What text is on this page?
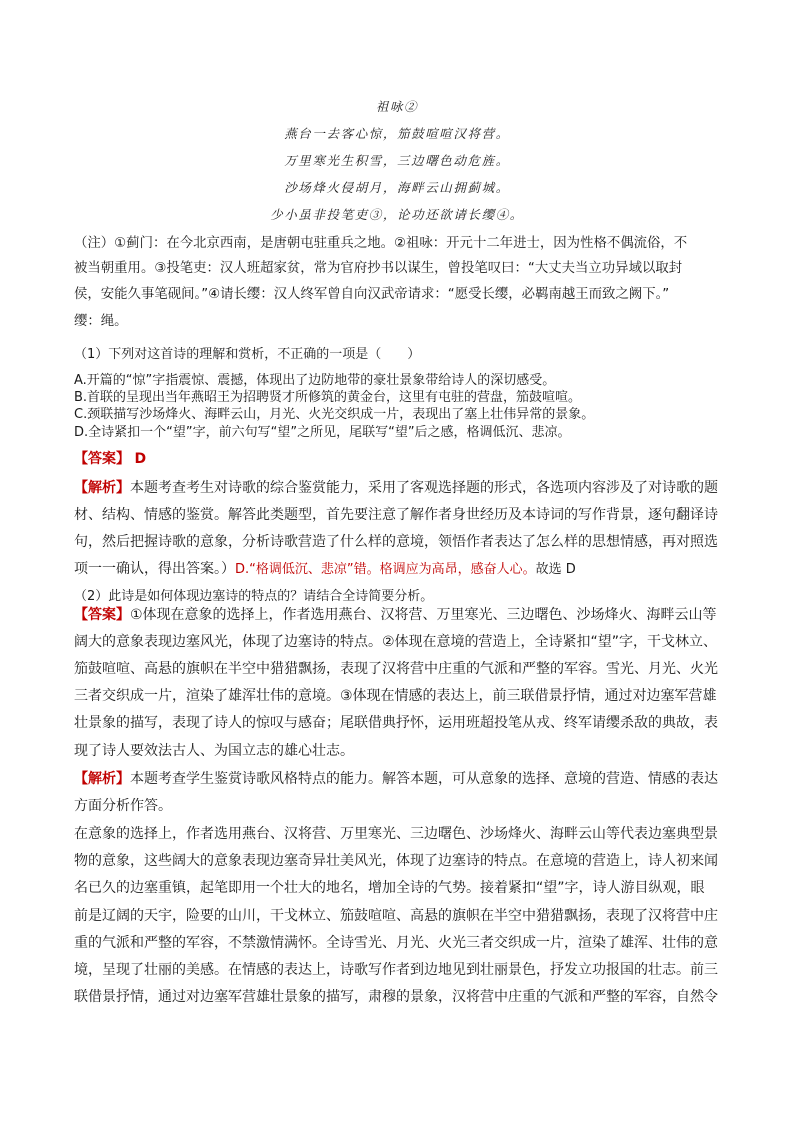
祖咏②
燕台一去客心惊，笳鼓喧喧汉将营。
万里寒光生积雪，三边曙色动危旌。
沙场烽火侵胡月，海畔云山拥蓟城。
少小虽非投笔吏③，论功还欲请长缨④。
（注）①蓟门：在今北京西南，是唐朝屯驻重兵之地。②祖咏：开元十二年进士，因为性格不偶流俗，不
被当朝重用。③投笔吏：汉人班超家贫，常为官府抄书以谋生，曾投笔叹曰：“大丈夫当立功异域以取封
侯，安能久事笔砚间。”④请长缨：汉人终军曾自向汉武帝请求：“愿受长缨，必羁南越王而致之阙下。”
缨：绳。
（1）下列对这首诗的理解和赏析，不正确的一项是（　　）
A.开篇的“惊”字指震惊、震撼，体现出了边防地带的豪壮景象带给诗人的深切感受。
B.首联的呈现出当年燕昭王为招聘贤才所修筑的黄金台，这里有屯驻的营盘，笳鼓喧喧。
C.颈联描写沙场烽火、海畔云山，月光、火光交织成一片，表现出了塞上壮伟异常的景象。
D.全诗紧扣一个“望”字，前六句写“望”之所见，尾联写“望”后之感，格调低沉、悲凉。
【答案】 D
【解析】本题考查考生对诗歌的综合鉴赏能力，采用了客观选择题的形式，各选项内容涉及了对诗歌的题
材、结构、情感的鉴赏。解答此类题型，首先要注意了解作者身世经历及本诗词的写作背景，逐句翻译诗
句，然后把握诗歌的意象，分析诗歌营造了什么样的意境，领悟作者表达了怎么样的思想情感，再对照选
项一一确认，得出答案。）D.“格调低沉、悲凉”错。格调应为高昂，感奋人心。故选 D
（2）此诗是如何体现边塞诗的特点的？请结合全诗简要分析。
【答案】①体现在意象的选择上，作者选用燕台、汉将营、万里寒光、三边曙色、沙场烽火、海畔云山等
阔大的意象表现边塞风光，体现了边塞诗的特点。②体现在意境的营造上，全诗紧扣“望”字，干戈林立、
笳鼓喧喧、高悬的旗帜在半空中猎猎飘扬，表现了汉将营中庄重的气派和严整的军容。雪光、月光、火光
三者交织成一片，渲染了雄浑壮伟的意境。③体现在情感的表达上，前三联借景抒情，通过对边塞军营雄
壮景象的描写，表现了诗人的惊叹与感奋；尾联借典抒怀，运用班超投笔从戎、终军请缨杀敌的典故，表
现了诗人要效法古人、为国立志的雄心壮志。
【解析】本题考查学生鉴赏诗歌风格特点的能力。解答本题，可从意象的选择、意境的营造、情感的表达
方面分析作答。
在意象的选择上，作者选用燕台、汉将营、万里寒光、三边曙色、沙场烽火、海畔云山等代表边塞典型景
物的意象，这些阔大的意象表现边塞奇异壮美风光，体现了边塞诗的特点。在意境的营造上，诗人初来闻
名已久的边塞重镇，起笔即用一个壮大的地名，增加全诗的气势。接着紧扣“望”字，诗人游目纵观，眼
前是辽阔的天宇，险要的山川，干戈林立、笳鼓喧喧、高悬的旗帜在半空中猎猎飘扬，表现了汉将营中庄
重的气派和严整的军容，不禁激情满怀。全诗雪光、月光、火光三者交织成一片，渲染了雄浑、壮伟的意
境，呈现了壮丽的美感。在情感的表达上，诗歌写作者到边地见到壮丽景色，抒发立功报国的壮志。前三
联借景抒情，通过对边塞军营雄壮景象的描写，肃穆的景象，汉将营中庄重的气派和严整的军容，自然令
